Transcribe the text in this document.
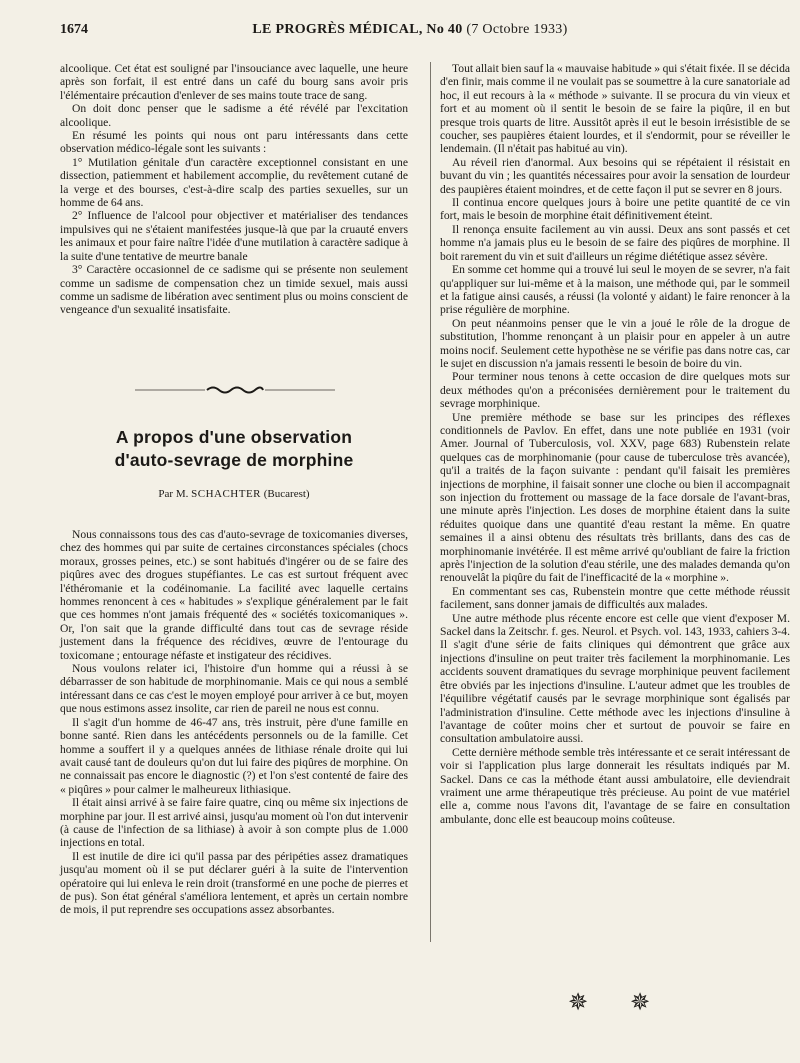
1674	LE PROGRÈS MÉDICAL, No 40 (7 Octobre 1933)

alcoolique. Cet état est souligné par l'insouciance avec laquelle, une heure après son forfait, il est entré dans un café du bourg sans avoir pris l'élémentaire précaution d'enlever de ses mains toute trace de sang.

On doit donc penser que le sadisme a été révélé par l'excitation alcoolique.

En résumé les points qui nous ont paru intéressants dans cette observation médico-légale sont les suivants :

1° Mutilation génitale d'un caractère exceptionnel consistant en une dissection, patiemment et habilement accomplie, du revêtement cutané de la verge et des bourses, c'est-à-dire scalp des parties sexuelles, sur un homme de 64 ans.

2° Influence de l'alcool pour objectiver et matérialiser des tendances impulsives qui ne s'étaient manifestées jusque-là que par la cruauté envers les animaux et pour faire naître l'idée d'une mutilation à caractère sadique à la suite d'une tentative de meurtre banale

3° Caractère occasionnel de ce sadisme qui se présente non seulement comme un sadisme de compensation chez un timide sexuel, mais aussi comme un sadisme de libération avec sentiment plus ou moins conscient de vengeance d'un sexualité insatisfaite.

A propos d'une observation
d'auto-sevrage de morphine
Par M. SCHACHTER (Bucarest)

Nous connaissons tous des cas d'auto-sevrage de toxicomanies diverses, chez des hommes qui par suite de certaines circonstances spéciales (chocs moraux, grosses peines, etc.) se sont habitués d'ingérer ou de se faire des piqûres avec des drogues stupéfiantes. Le cas est surtout fréquent avec l'éthéromanie et la codéinomanie. La facilité avec laquelle certains hommes renoncent à ces « habitudes » s'explique généralement par le fait que ces hommes n'ont jamais fréquenté des « sociétés toxicomaniques ». Or, l'on sait que la grande difficulté dans tout cas de sevrage réside justement dans la fréquence des récidives, œuvre de l'entourage du toxicomane ; entourage néfaste et instigateur des récidives.

Nous voulons relater ici, l'histoire d'un homme qui a réussi à se débarrasser de son habitude de morphinomanie. Mais ce qui nous a semblé intéressant dans ce cas c'est le moyen employé pour arriver à ce but, moyen que nous estimons assez insolite, car rien de pareil ne nous est connu.

Il s'agit d'un homme de 46-47 ans, très instruit, père d'une famille en bonne santé. Rien dans les antécédents personnels ou de la famille. Cet homme a souffert il y a quelques années de lithiase rénale droite qui lui avait causé tant de douleurs qu'on dut lui faire des piqûres de morphine. On ne connaissait pas encore le diagnostic (?) et l'on s'est contenté de faire des « piqûres » pour calmer le malheureux lithiasique.

Il était ainsi arrivé à se faire faire quatre, cinq ou même six injections de morphine par jour. Il est arrivé ainsi, jusqu'au moment où l'on dut intervenir (à cause de l'infection de sa lithiase) à avoir à son compte plus de 1.000 injections en total.

Il est inutile de dire ici qu'il passa par des péripéties assez dramatiques jusqu'au moment où il se put déclarer guéri à la suite de l'intervention opératoire qui lui enleva le rein droit (transformé en une poche de pierres et de pus). Son état général s'améliora lentement, et après un certain nombre de mois, il put reprendre ses occupations assez absorbantes.

Tout allait bien sauf la « mauvaise habitude » qui s'était fixée. Il se décida d'en finir, mais comme il ne voulait pas se soumettre à la cure sanatoriale ad hoc, il eut recours à la « méthode » suivante. Il se procura du vin vieux et fort et au moment où il sentit le besoin de se faire la piqûre, il en but presque trois quarts de litre. Aussitôt après il eut le besoin irrésistible de se coucher, ses paupières étaient lourdes, et il s'endormit, pour se réveiller le lendemain. (Il n'était pas habitué au vin).

Au réveil rien d'anormal. Aux besoins qui se répétaient il résistait en buvant du vin ; les quantités nécessaires pour avoir la sensation de lourdeur des paupières étaient moindres, et de cette façon il put se sevrer en 8 jours.

Il continua encore quelques jours à boire une petite quantité de ce vin fort, mais le besoin de morphine était définitivement éteint.

Il renonça ensuite facilement au vin aussi. Deux ans sont passés et cet homme n'a jamais plus eu le besoin de se faire des piqûres de morphine. Il boit rarement du vin et suit d'ailleurs un régime diététique assez sévère.

En somme cet homme qui a trouvé lui seul le moyen de se sevrer, n'a fait qu'appliquer sur lui-même et à la maison, une méthode qui, par le sommeil et la fatigue ainsi causés, a réussi (la volonté y aidant) le faire renoncer à la prise régulière de morphine.

On peut néanmoins penser que le vin a joué le rôle de la drogue de substitution, l'homme renonçant à un plaisir pour en appeler à un autre moins nocif. Seulement cette hypothèse ne se vérifie pas dans notre cas, car le sujet en discussion n'a jamais ressenti le besoin de boire du vin.

Pour terminer nous tenons à cette occasion de dire quelques mots sur deux méthodes qu'on a préconisées dernièrement pour le traitement du sevrage morphinique.

Une première méthode se base sur les principes des réflexes conditionnels de Pavlov. En effet, dans une note publiée en 1931 (voir Amer. Journal of Tuberculosis, vol. XXV, page 683) Rubenstein relate quelques cas de morphinomanie (pour cause de tuberculose très avancée), qu'il a traités de la façon suivante : pendant qu'il faisait les premières injections de morphine, il faisait sonner une cloche ou bien il accompagnait son injection du frottement ou massage de la face dorsale de l'avant-bras, une minute après l'injection. Les doses de morphine étaient dans la suite réduites quoique dans une quantité d'eau restant la même. En quatre semaines il a ainsi obtenu des résultats très brillants, dans des cas de morphinomanie invétérée. Il est même arrivé qu'oubliant de faire la friction après l'injection de la solution d'eau stérile, une des malades demanda qu'on renouvelât la piqûre du fait de l'inefficacité de la « morphine ».

En commentant ses cas, Rubenstein montre que cette méthode réussit facilement, sans donner jamais de difficultés aux malades.

Une autre méthode plus récente encore est celle que vient d'exposer M. Sackel dans la Zeitschr. f. ges. Neurol. et Psych. vol. 143, 1933, cahiers 3-4. Il s'agit d'une série de faits cliniques qui démontrent que grâce aux injections d'insuline on peut traiter très facilement la morphinomanie. Les accidents souvent dramatiques du sevrage morphinique peuvent facilement être obviés par les injections d'insuline. L'auteur admet que les troubles de l'équilibre végétatif causés par le sevrage morphinique sont égalisés par l'administration d'insuline. Cette méthode avec les injections d'insuline à l'avantage de coûter moins cher et surtout de pouvoir se faire en consultation ambulatoire aussi.

Cette dernière méthode semble très intéressante et ce serait intéressant de voir si l'application plus large donnerait les résultats indiqués par M. Sackel. Dans ce cas la méthode étant aussi ambulatoire, elle deviendrait vraiment une arme thérapeutique très précieuse. Au point de vue matériel elle a, comme nous l'avons dit, l'avantage de se faire en consultation ambulante, donc elle est beaucoup moins coûteuse.

✵ ✵
